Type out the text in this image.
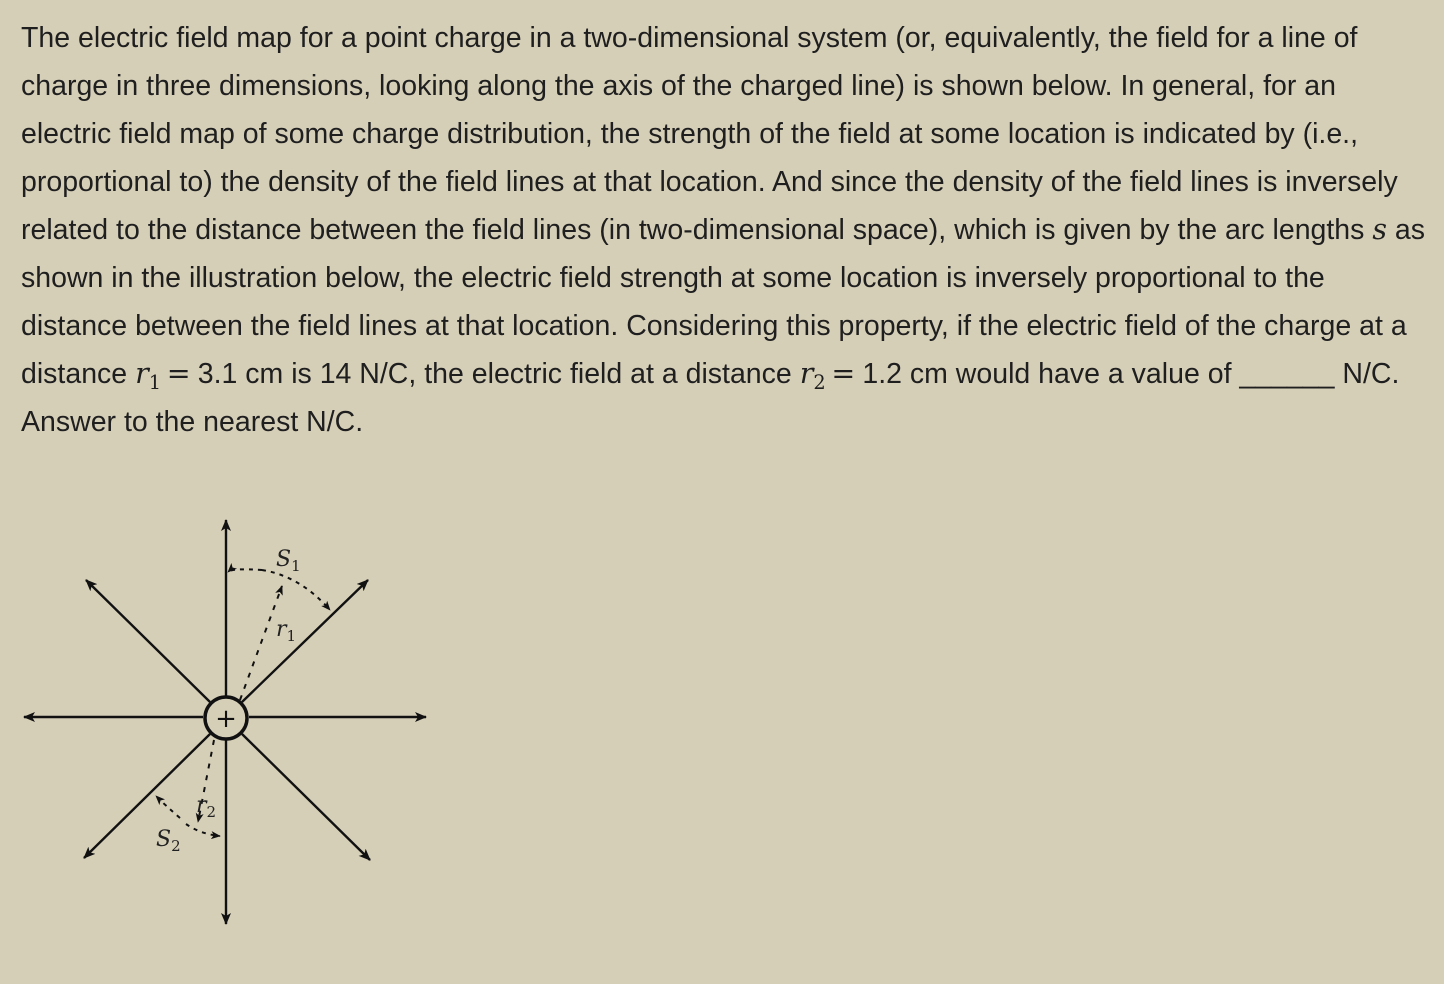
The electric field map for a point charge in a two-dimensional system (or, equivalently, the field for a line of charge in three dimensions, looking along the axis of the charged line) is shown below. In general, for an electric field map of some charge distribution, the strength of the field at some location is indicated by (i.e., proportional to) the density of the field lines at that location. And since the density of the field lines is inversely related to the distance between the field lines (in two-dimensional space), which is given by the arc lengths s as shown in the illustration below, the electric field strength at some location is inversely proportional to the distance between the field lines at that location. Considering this property, if the electric field of the charge at a distance $r_1 = 3.1$ cm is 14 N/C, the electric field at a distance $r_2 = 1.2$ cm would have a value of ______ N/C. Answer to the nearest N/C.

+
$S_1$
$r_1$
$r_2$
$S_2$
